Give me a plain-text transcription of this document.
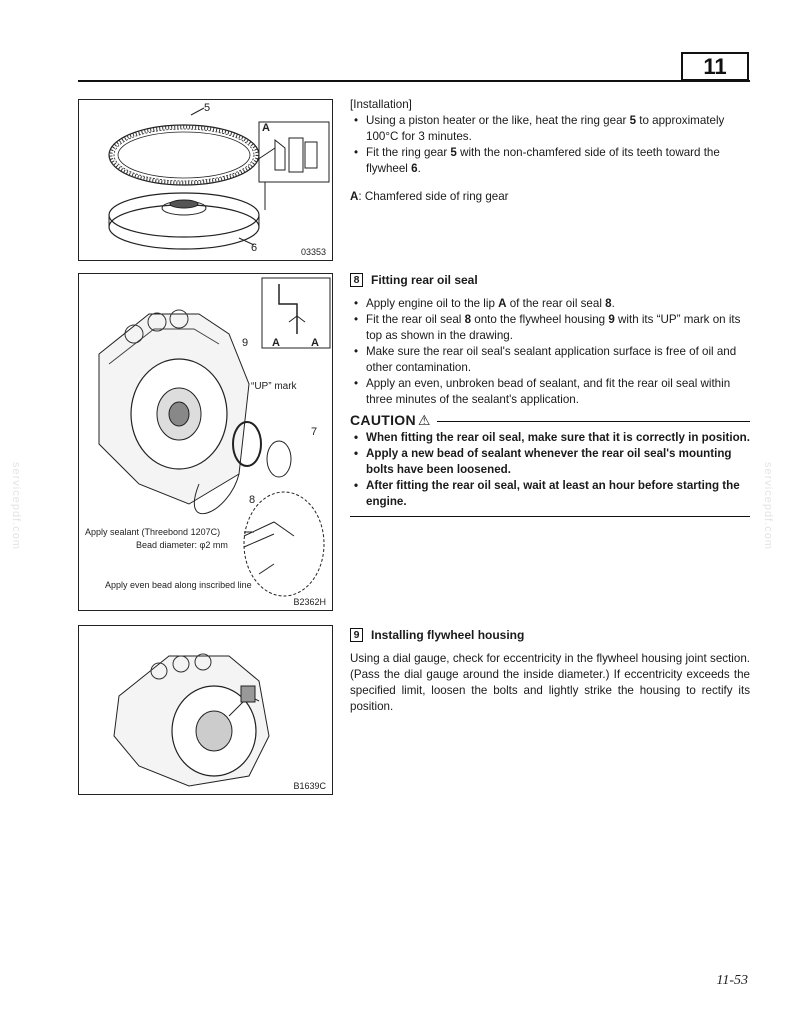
11
5
A
6	03353
[Installation]
• Using a piston heater or the like, heat the ring gear 5 to approximately 100°C for 3 minutes.
• Fit the ring gear 5 with the non-chamfered side of its teeth toward the flywheel 6.
A: Chamfered side of ring gear
9 A	A
“UP” mark
7
8
Apply sealant (Threebond 1207C)
Bead diameter: φ2 mm
Apply even bead along inscribed line
B2362H
8 Fitting rear oil seal
• Apply engine oil to the lip A of the rear oil seal 8.
• Fit the rear oil seal 8 onto the flywheel housing 9 with its “UP” mark on its top as shown in the drawing.
• Make sure the rear oil seal's sealant application surface is free of oil and other contamination.
• Apply an even, unbroken bead of sealant, and fit the rear oil seal within three minutes of the sealant's application.
CAUTION ⚠
• When fitting the rear oil seal, make sure that it is correctly in position.
• Apply a new bead of sealant whenever the rear oil seal's mounting bolts have been loosened.
• After fitting the rear oil seal, wait at least an hour before starting the engine.
B1639C
9 Installing flywheel housing
Using a dial gauge, check for eccentricity in the flywheel housing joint section. (Pass the dial gauge around the inside diameter.) If eccentricity exceeds the specified limit, loosen the bolts and lightly strike the housing to rectify its position.
servicepdf.com	servicepdf.com
11-53
